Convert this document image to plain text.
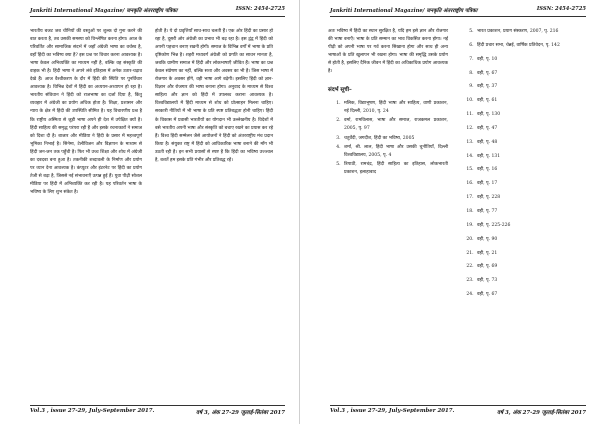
Jankriti International Magazine/ जनकृति अंतरराष्ट्रीय पत्रिका	ISSN: 2454-2725

भारतीय बजट जब चीनियों की वस्तुओं पर शुल्क दो गुना करने की बात करता है, तब उसकी समस्या को विश्लेषित करना होगा। आज के परिवर्तित और सामाजिक संदर्भ में जहाँ अंग्रेजी भाषा का वर्चस्व है, वहाँ हिंदी का भविष्य क्या है? इस प्रश्न पर विचार करना आवश्यक है। भाषा केवल अभिव्यक्ति का माध्यम नहीं है, बल्कि वह संस्कृति की वाहक भी है। हिंदी भाषा ने अपने लंबे इतिहास में अनेक उतार-चढ़ाव देखे हैं। आज वैश्वीकरण के दौर में हिंदी की स्थिति पर पुनर्विचार आवश्यक है। विभिन्न देशों में हिंदी का अध्ययन-अध्यापन हो रहा है। भारतीय संविधान ने हिंदी को राजभाषा का दर्जा दिया है, किंतु व्यवहार में अंग्रेजी का प्रयोग अधिक होता है। शिक्षा, प्रशासन और न्याय के क्षेत्र में हिंदी की उपस्थिति सीमित है। यह विचारणीय प्रश्न है कि राष्ट्रीय अस्मिता से जुड़ी भाषा अपने ही देश में उपेक्षित क्यों है। हिंदी साहित्य की समृद्ध परंपरा रही है और इसके रचनाकारों ने समाज को दिशा दी है। बाजार और मीडिया ने हिंदी के प्रसार में महत्त्वपूर्ण भूमिका निभाई है। सिनेमा, टेलीविजन और विज्ञापन के माध्यम से हिंदी जन-जन तक पहुँची है। फिर भी उच्च शिक्षा और शोध में अंग्रेजी का दबदबा बना हुआ है। तकनीकी शब्दावली के निर्माण और प्रयोग पर ध्यान देना आवश्यक है। कंप्यूटर और इंटरनेट पर हिंदी का प्रयोग तेजी से बढ़ा है, जिससे नई संभावनाएँ उत्पन्न हुई हैं। युवा पीढ़ी सोशल मीडिया पर हिंदी में अभिव्यक्ति कर रही है। यह परिवर्तन भाषा के भविष्य के लिए शुभ संकेत है।

होती है। ये दो प्रवृत्तियाँ साथ-साथ चलती हैं। एक ओर हिंदी का प्रसार हो रहा है, दूसरी ओर अंग्रेजी का प्रभाव भी बढ़ रहा है। इस द्वंद्व में हिंदी को अपनी पहचान बनाए रखनी होगी। समाज के विभिन्न वर्गों में भाषा के प्रति दृष्टिकोण भिन्न है। शहरी मध्यवर्ग अंग्रेजी को प्रगति का साधन मानता है, जबकि ग्रामीण समाज में हिंदी और लोकभाषाएँ जीवित हैं। भाषा का प्रश्न केवल संप्रेषण का नहीं, बल्कि सत्ता और अवसर का भी है। जिस भाषा में रोजगार के अवसर होंगे, वही भाषा आगे बढ़ेगी। इसलिए हिंदी को ज्ञान-विज्ञान और रोजगार की भाषा बनाना होगा। अनुवाद के माध्यम से विश्व साहित्य और ज्ञान को हिंदी में उपलब्ध कराना आवश्यक है। विश्वविद्यालयों में हिंदी माध्यम से शोध को प्रोत्साहन मिलना चाहिए। सरकारी नीतियों में भी भाषा के प्रति स्पष्ट प्रतिबद्धता होनी चाहिए। हिंदी के विकास में प्रवासी भारतीयों का योगदान भी उल्लेखनीय है। विदेशों में बसे भारतीय अपनी भाषा और संस्कृति को बचाए रखने का प्रयास कर रहे हैं। विश्व हिंदी सम्मेलन जैसे आयोजनों ने हिंदी को अंतरराष्ट्रीय मंच प्रदान किया है। संयुक्त राष्ट्र में हिंदी को आधिकारिक भाषा बनाने की माँग भी उठती रही है। इन सभी प्रयासों से स्पष्ट है कि हिंदी का भविष्य उज्ज्वल है, बशर्ते हम इसके प्रति गंभीर और प्रतिबद्ध रहें।

Vol.3 , issue 27-29, July-September 2017.	वर्ष 3, अंक 27-29 जुलाई-सितंबर 2017
Jankriti International Magazine/ जनकृति अंतरराष्ट्रीय पत्रिका	ISSN: 2454-2725

अतः भविष्य में हिंदी का स्थान सुरक्षित है, यदि हम इसे ज्ञान और रोजगार की भाषा बनाएँ। भाषा के प्रति सम्मान का भाव विकसित करना होगा। नई पीढ़ी को अपनी भाषा पर गर्व करना सिखाना होगा और साथ ही अन्य भाषाओं के प्रति खुलापन भी रखना होगा। भाषा की समृद्धि उसके प्रयोग से होती है, इसलिए दैनिक जीवन में हिंदी का अधिकाधिक प्रयोग आवश्यक है।

संदर्भ सूची–
1. मलिक, विद्याभूषण, हिंदी भाषा और साहित्य, वाणी प्रकाशन, नई दिल्ली, 2010, पृ. 24
2. वर्मा, रामविलास, भाषा और समाज, राजकमल प्रकाशन, 2005, पृ. 97
3. चतुर्वेदी, जगदीश, हिंदी का भविष्य, 2005
4. शर्मा, श्री. लाल, हिंदी भाषा और उसकी चुनौतियाँ, दिल्ली विश्वविद्यालय, 2005, पृ. 4
5. त्रिपाठी, रामचंद्र, हिंदी साहित्य का इतिहास, लोकभारती प्रकाशन, इलाहाबाद
5. भारत प्रकाशन, प्रयाग संस्करण, 2007, पृ. 216
6. हिंदी प्रचार सभा, चेन्नई, वार्षिक प्रतिवेदन, पृ. 142
7. वही, पृ. 10
8. वही, पृ. 67
9. वही, पृ. 37
10. वही, पृ. 61
11. वही, पृ. 130
12. वही, पृ. 47
13. वही, पृ. 48
14. वही, पृ. 131
15. वही, पृ. 16
16. वही, पृ. 17
17. वही, पृ. 228
18. वही, पृ. 77
19. वही, पृ. 225-226
20. वही, पृ. 90
21. वही, पृ. 21
22. वही, पृ. 69
23. वही, पृ. 73
24. वही, पृ. 67
Vol.3 , issue 27-29, July-September 2017.	वर्ष 3, अंक 27-29 जुलाई-सितंबर 2017
